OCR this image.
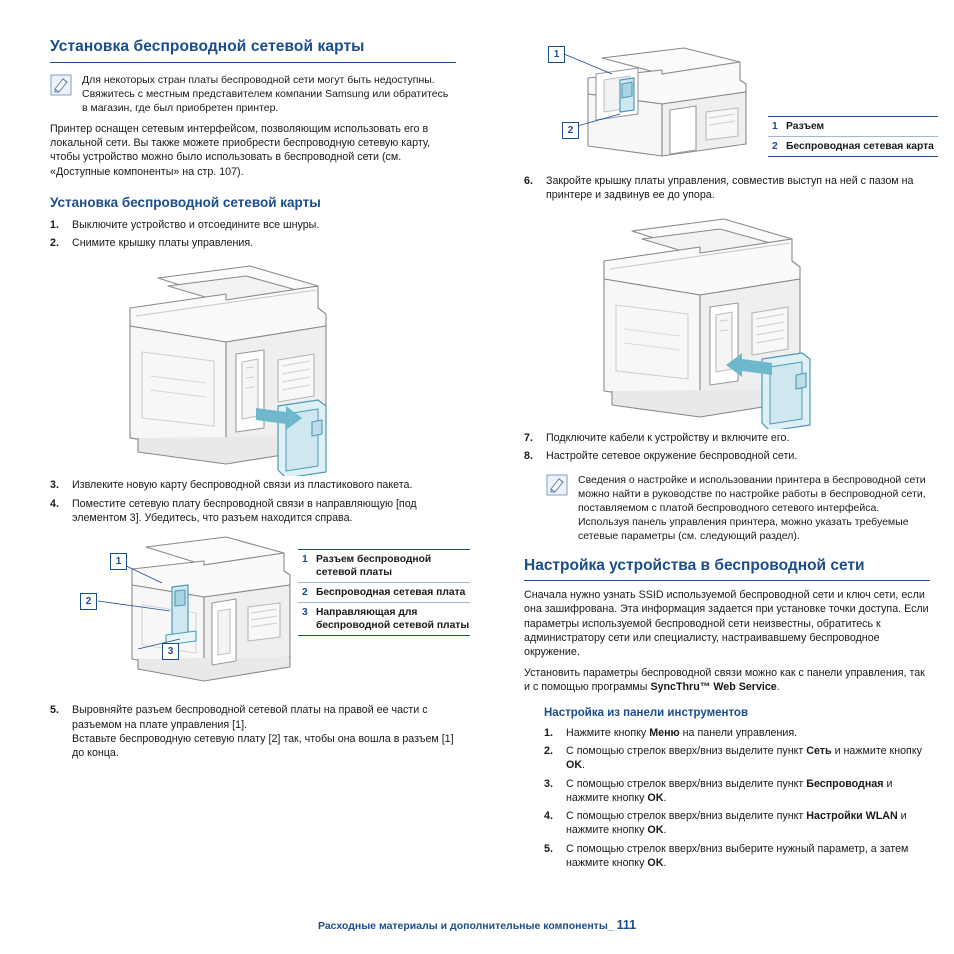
Установка беспроводной сетевой карты
Для некоторых стран платы беспроводной сети могут быть недоступны. Свяжитесь с местным представителем компании Samsung или обратитесь в магазин, где был приобретен принтер.

Принтер оснащен сетевым интерфейсом, позволяющим использовать его в локальной сети. Вы также можете приобрести беспроводную сетевую карту, чтобы устройство можно было использовать в беспроводной сети (см. «Доступные компоненты» на стр. 107).

Установка беспроводной сетевой карты
1.	Выключите устройство и отсоедините все шнуры.
2.	Снимите крышку платы управления.
3.	Извлеките новую карту беспроводной связи из пластикового пакета.
4.	Поместите сетевую плату беспроводной связи в направляющую [под элементом 3]. Убедитесь, что разъем находится справа.
1
2
3
1 Разъем беспроводной сетевой платы
2 Беспроводная сетевая плата
3 Направляющая для беспроводной сетевой платы
5.	Выровняйте разъем беспроводной сетевой платы на правой ее части с разъемом на плате управления [1].
Вставьте беспроводную сетевую плату [2] так, чтобы она вошла в разъем [1] до конца.
1
2	1 Разъем
2 Беспроводная сетевая карта
6.	Закройте крышку платы управления, совместив выступ на ней с пазом на принтере и задвинув ее до упора.
7.	Подключите кабели к устройству и включите его.
8.	Настройте сетевое окружение беспроводной сети.
Сведения о настройке и использовании принтера в беспроводной сети можно найти в руководстве по настройке работы в беспроводной сети, поставляемом с платой беспроводного сетевого интерфейса. Используя панель управления принтера, можно указать требуемые сетевые параметры (см. следующий раздел).
Настройка устройства в беспроводной сети

Сначала нужно узнать SSID используемой беспроводной сети и ключ сети, если она зашифрована. Эта информация задается при установке точки доступа. Если параметры используемой беспроводной сети неизвестны, обратитесь к администратору сети или специалисту, настраивавшему беспроводное окружение.

Установить параметры беспроводной связи можно как с панели управления, так и с помощью программы SyncThru™ Web Service.

Настройка из панели инструментов
1.	Нажмите кнопку Меню на панели управления.
2.	С помощью стрелок вверх/вниз выделите пункт Сеть и нажмите кнопку OK.
3.	С помощью стрелок вверх/вниз выделите пункт Беспроводная и нажмите кнопку OK.
4.	С помощью стрелок вверх/вниз выделите пункт Настройки WLAN и нажмите кнопку OK.
5.	С помощью стрелок вверх/вниз выберите нужный параметр, а затем нажмите кнопку OK.
Расходные материалы и дополнительные компоненты_ 111
